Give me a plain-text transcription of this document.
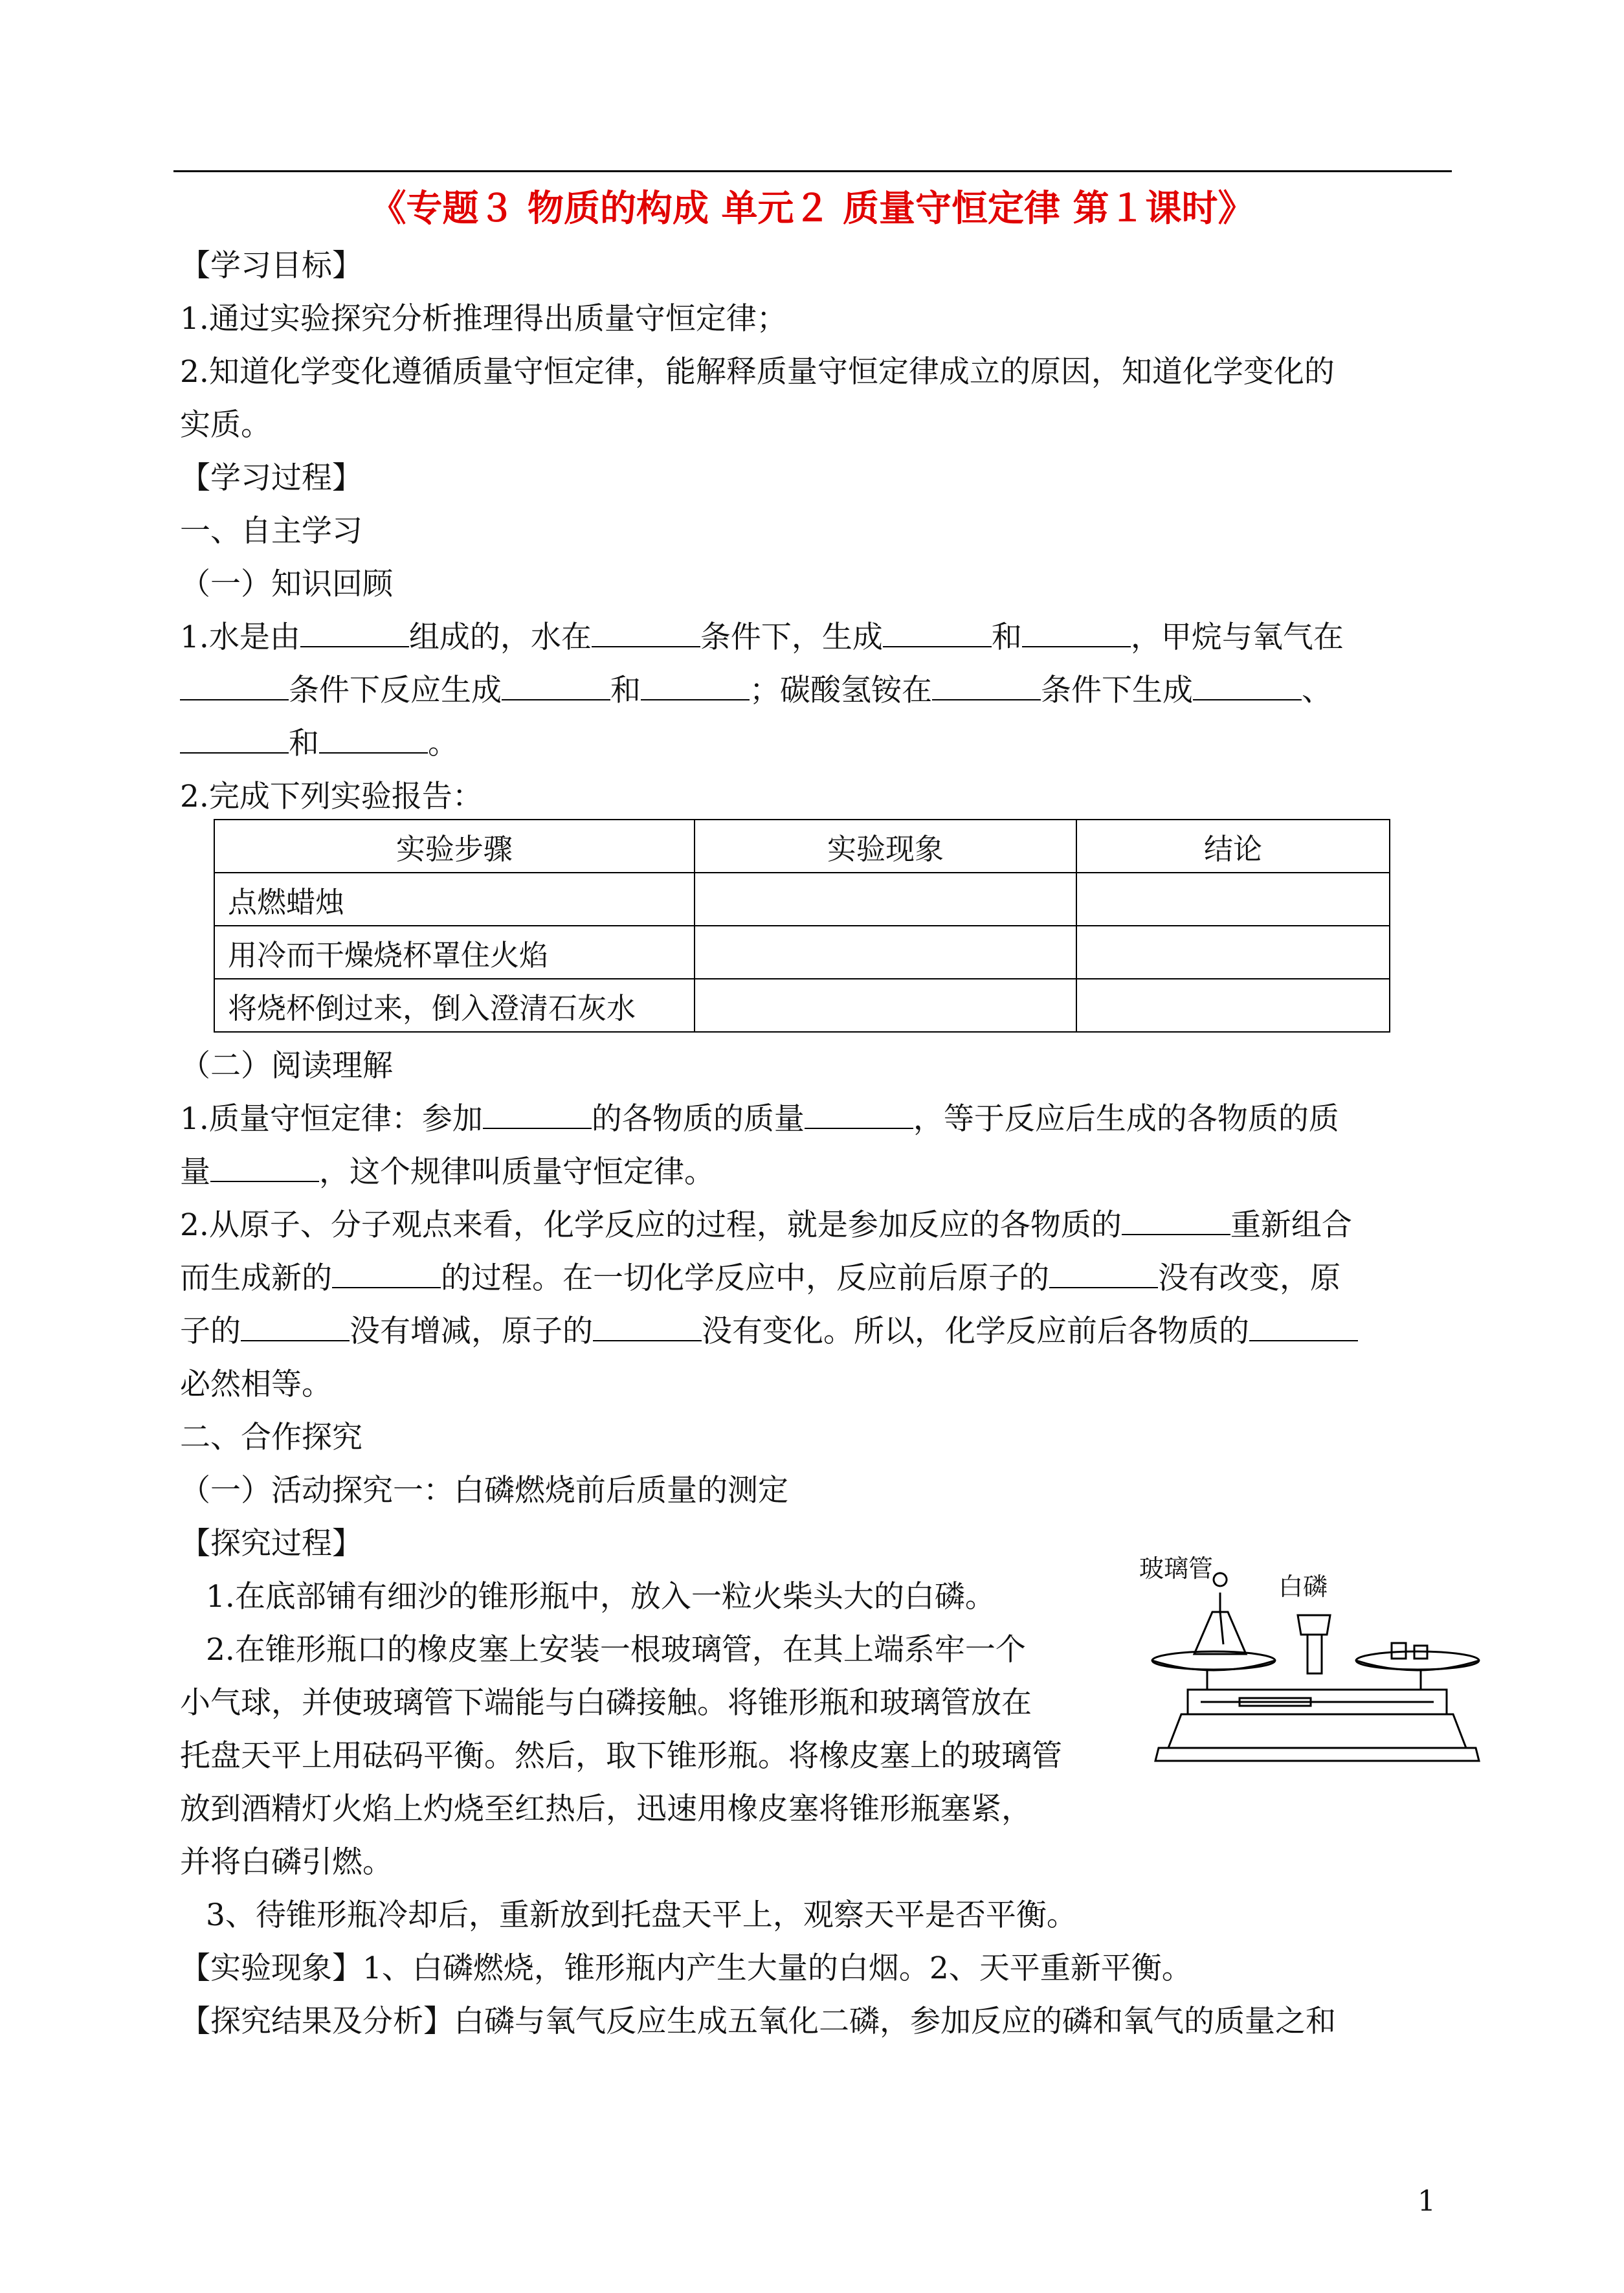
《专题３ 物质的构成 单元２ 质量守恒定律 第１课时》
【学习目标】
1.通过实验探究分析推理得出质量守恒定律；
2.知道化学变化遵循质量守恒定律，能解释质量守恒定律成立的原因，知道化学变化的
实质。
【学习过程】
一、自主学习
（一）知识回顾
1.水是由	组成的，水在	条件下，生成	和	，甲烷与氧气在
条件下反应生成	和	；碳酸氢铵在	条件下生成	、
和	。
2.完成下列实验报告：
实验步骤	实验现象	结论
点燃蜡烛		
用冷而干燥烧杯罩住火焰		
将烧杯倒过来，倒入澄清石灰水		
（二）阅读理解
1.质量守恒定律：参加	的各物质的质量	，等于反应后生成的各物质的质
量	，这个规律叫质量守恒定律。
2.从原子、分子观点来看，化学反应的过程，就是参加反应的各物质的	重新组合
而生成新的	的过程。在一切化学反应中，反应前后原子的	没有改变，原
子的	没有增减，原子的	没有变化。所以，化学反应前后各物质的
必然相等。
二、合作探究
（一）活动探究一：白磷燃烧前后质量的测定
【探究过程】
1.在底部铺有细沙的锥形瓶中，放入一粒火柴头大的白磷。
2.在锥形瓶口的橡皮塞上安装一根玻璃管，在其上端系牢一个
小气球，并使玻璃管下端能与白磷接触。将锥形瓶和玻璃管放在
托盘天平上用砝码平衡。然后，取下锥形瓶。将橡皮塞上的玻璃管
放到酒精灯火焰上灼烧至红热后，迅速用橡皮塞将锥形瓶塞紧，
并将白磷引燃。
3、待锥形瓶冷却后，重新放到托盘天平上，观察天平是否平衡。
【实验现象】1、白磷燃烧，锥形瓶内产生大量的白烟。2、天平重新平衡。
【探究结果及分析】白磷与氧气反应生成五氧化二磷，参加反应的磷和氧气的质量之和
玻璃管
白磷
1
